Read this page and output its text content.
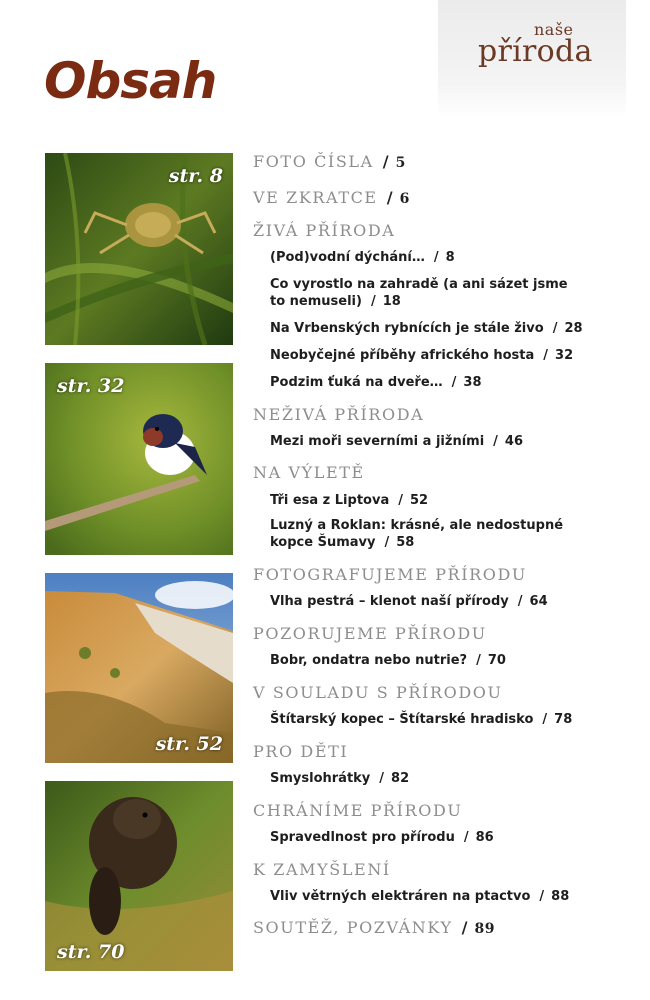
naše
příroda
Obsah
str. 8
str. 32
str. 52
str. 70
FOTO ČÍSLA / 5
VE ZKRATCE / 6
ŽIVÁ PŘÍRODA
(Pod)vodní dýchání… / 8
Co vyrostlo na zahradě (a ani sázet jsme to nemuseli) / 18
Na Vrbenských rybnících je stále živo / 28
Neobyčejné příběhy afrického hosta / 32
Podzim ťuká na dveře… / 38
NEŽIVÁ PŘÍRODA
Mezi moři severními a jižními / 46
NA VÝLETĚ
Tři esa z Liptova / 52
Luzný a Roklan: krásné, ale nedostupné kopce Šumavy / 58
FOTOGRAFUJEME PŘÍRODU
Vlha pestrá – klenot naší přírody / 64
POZORUJEME PŘÍRODU
Bobr, ondatra nebo nutrie? / 70
V SOULADU S PŘÍRODOU
Štítarský kopec – Štítarské hradisko / 78
PRO DĚTI
Smyslohrátky / 82
CHRÁNÍME PŘÍRODU
Spravedlnost pro přírodu / 86
K ZAMYŠLENÍ
Vliv větrných elektráren na ptactvo / 88
SOUTĚŽ, POZVÁNKY / 89
